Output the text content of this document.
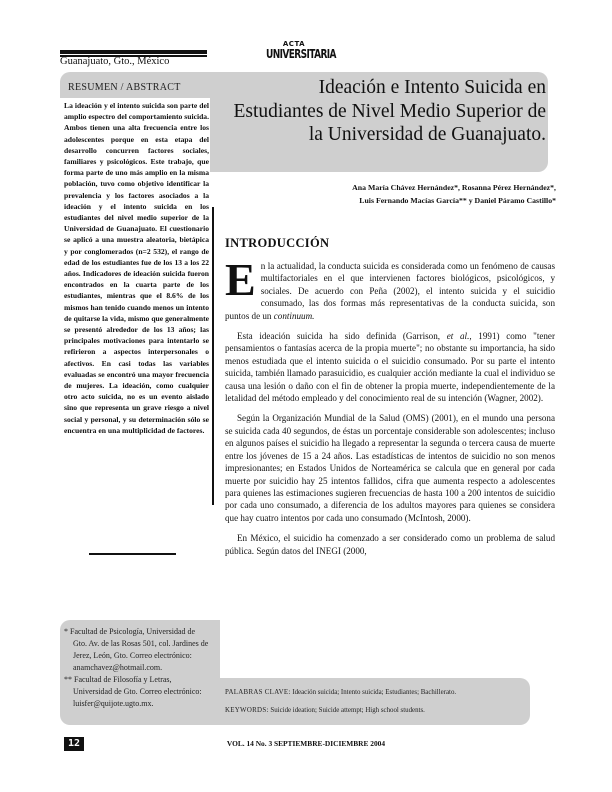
Guanajuato, Gto., México
ACTA
UNIVERSITARIA
RESUMEN / ABSTRACT	Ideación e Intento Suicida en Estudiantes de Nivel Medio Superior de la Universidad de Guanajuato.
Ana María Chávez Hernández*, Rosanna Pérez Hernández*,
Luis Fernando Macías García** y Daniel Páramo Castillo*
La ideación y el intento suicida son parte del amplio espectro del comportamiento suicida. Ambos tienen una alta frecuencia entre los adolescentes porque en esta etapa del desarrollo concurren factores sociales, familiares y psicológicos. Este trabajo, que forma parte de uno más amplio en la misma población, tuvo como objetivo identificar la prevalencia y los factores asociados a la ideación y el intento suicida en los estudiantes del nivel medio superior de la Universidad de Guanajuato. El cuestionario se aplicó a una muestra aleatoria, bietápica y por conglomerados (n=2 532), el rango de edad de los estudiantes fue de los 13 a los 22 años. Indicadores de ideación suicida fueron encontrados en la cuarta parte de los estudiantes, mientras que el 8.6% de los mismos han tenido cuando menos un intento de quitarse la vida, mismo que generalmente se presentó alrededor de los 13 años; las principales motivaciones para intentarlo se refirieron a aspectos interpersonales o afectivos. En casi todas las variables evaluadas se encontró una mayor frecuencia de mujeres. La ideación, como cualquier otro acto suicida, no es un evento aislado sino que representa un grave riesgo a nivel social y personal, y su determinación sólo se encuentra en una multiplicidad de factores.
INTRODUCCIÓN

En la actualidad, la conducta suicida es considerada como un fenómeno de causas multifactoriales en el que intervienen factores biológicos, psicológicos, y sociales. De acuerdo con Peña (2002), el intento suicida y el suicidio consumado, las dos formas más representativas de la conducta suicida, son puntos de un continuum.

Esta ideación suicida ha sido definida (Garrison, et al., 1991) como "tener pensamientos o fantasías acerca de la propia muerte"; no obstante su importancia, ha sido menos estudiada que el intento suicida o el suicidio consumado. Por su parte el intento suicida, también llamado parasuicidio, es cualquier acción mediante la cual el individuo se causa una lesión o daño con el fin de obtener la propia muerte, independientemente de la letalidad del método empleado y del conocimiento real de su intención (Wagner, 2002).

Según la Organización Mundial de la Salud (OMS) (2001), en el mundo una persona se suicida cada 40 segundos, de éstas un porcentaje considerable son adolescentes; incluso en algunos países el suicidio ha llegado a representar la segunda o tercera causa de muerte entre los jóvenes de 15 a 24 años. Las estadísticas de intentos de suicidio no son menos impresionantes; en Estados Unidos de Norteamérica se calcula que en general por cada muerte por suicidio hay 25 intentos fallidos, cifra que aumenta respecto a adolescentes para quienes las estimaciones sugieren frecuencias de hasta 100 a 200 intentos de suicidio por cada uno consumado, a diferencia de los adultos mayores para quienes se considera que hay cuatro intentos por cada uno consumado (McIntosh, 2000).

En México, el suicidio ha comenzado a ser considerado como un problema de salud pública. Según datos del INEGI (2000,

* Facultad de Psicología, Universidad de Gto. Av. de las Rosas 501, col. Jardines de Jerez, León, Gto. Correo electrónico: anamchavez@hotmail.com.

** Facultad de Filosofía y Letras, Universidad de Gto. Correo electrónico: luisfer@quijote.ugto.mx.

PALABRAS CLAVE: Ideación suicida; Intento suicida; Estudiantes; Bachillerato.
KEYWORDS: Suicide ideation; Suicide attempt; High school students.
12	VOL. 14 No. 3 SEPTIEMBRE-DICIEMBRE 2004
